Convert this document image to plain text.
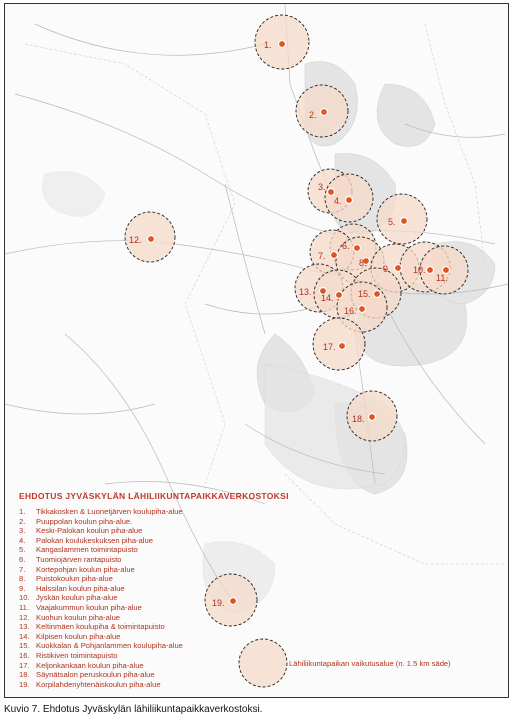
1.
2.
3.
4.
5.
6.
7.
8.
9. 10.
11.
12.
13.
14.	15.
16.
17.
18.
19.
EHDOTUS JYVÄSKYLÄN LÄHILIIKUNTAPAIKKAVERKOSTOKSI
1.	Tikkakosken & Luonetjärven koulupiha-alue
2.	Puuppolan koulun piha-alue.
3.	Keski-Palokan koulun piha-alue
4.	Palokan koulukeskuksen piha-alue
5.	Kangaslammen toimintapuisto
6.	Tuomiojärven rantapuisto
7.	Kortepohjan koulun piha-alue
8.	Puistokoulun piha-alue
9.	Halssilan koulun piha-alue
10. Jyskän koulun piha-alue
11. Vaajakummun koulun piha-alue
12. Kuohun koulun piha-alue
13. Keltinmäen koulupiha & toimintapuisto
14. Kilpisen koulun piha-alue
15. Kuokkalan & Pohjanlammen koulupiha-alue
16. Ristikiven toimintapuisto
17. Keljonkankaan koulun piha-alue
18. Säynätsalon peruskoulun piha-alue
19. Korpilahdenyhtenäiskoulun piha-alue
Lähiliikuntapaikan vaikutusalue (n. 1.5 km säde)
Kuvio 7. Ehdotus Jyväskylän lähiliikuntapaikkaverkostoksi.
